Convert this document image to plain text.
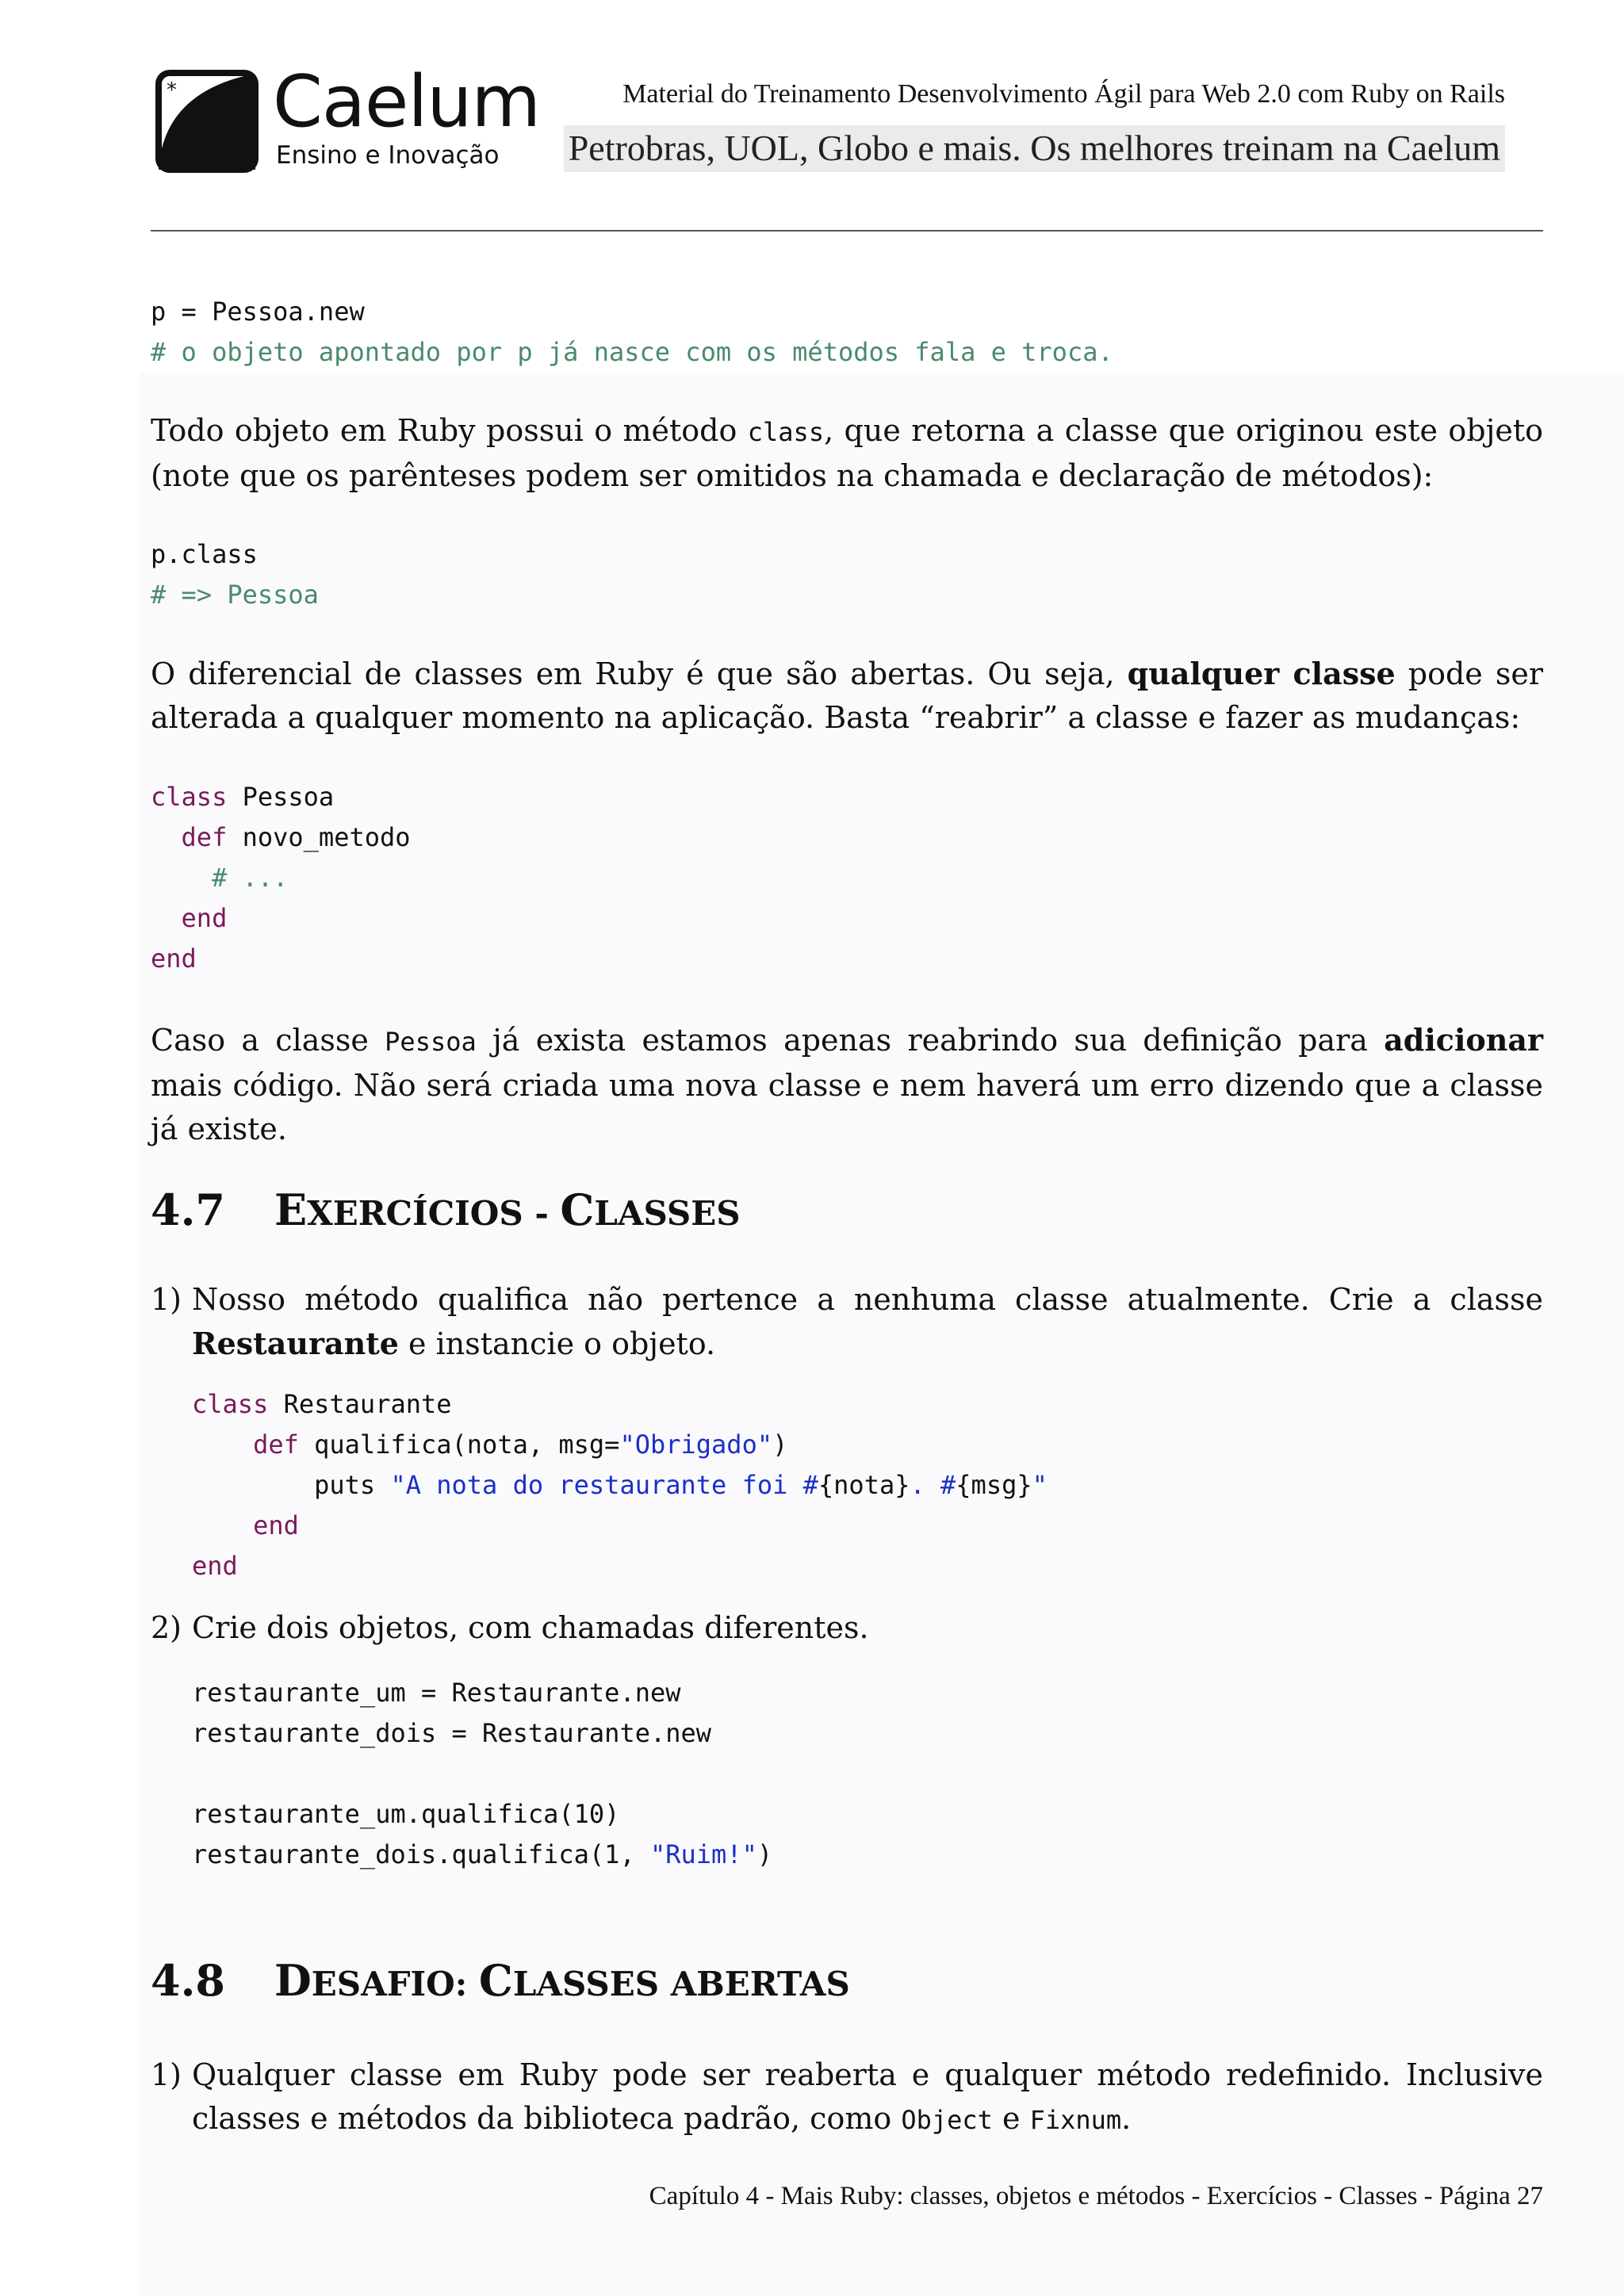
* Caelum
Ensino e Inovação
Material do Treinamento Desenvolvimento Ágil para Web 2.0 com Ruby on Rails
Petrobras, UOL, Globo e mais. Os melhores treinam na Caelum
p = Pessoa.new
# o objeto apontado por p já nasce com os métodos fala e troca.
Todo objeto em Ruby possui o método class, que retorna a classe que originou este objeto (note que os parênteses podem ser omitidos na chamada e declaração de métodos):
p.class
# => Pessoa
O diferencial de classes em Ruby é que são abertas. Ou seja, qualquer classe pode ser alterada a qualquer momento na aplicação. Basta “reabrir” a classe e fazer as mudanças:
class Pessoa
def novo_metodo
# ...
end
end
Caso a classe Pessoa já exista estamos apenas reabrindo sua definição para adicionar mais código. Não será criada uma nova classe e nem haverá um erro dizendo que a classe já existe.
4.7 EXERCÍCIOS - CLASSES
1) Nosso método qualifica não pertence a nenhuma classe atualmente. Crie a classe Restaurante e instancie o objeto.
class Restaurante
def qualifica(nota, msg="Obrigado")
puts "A nota do restaurante foi #{nota}. #{msg}"
end
end
2) Crie dois objetos, com chamadas diferentes.
restaurante_um = Restaurante.new
restaurante_dois = Restaurante.new

restaurante_um.qualifica(10)
restaurante_dois.qualifica(1, "Ruim!")
4.8 DESAFIO: CLASSES ABERTAS
1) Qualquer classe em Ruby pode ser reaberta e qualquer método redefinido. Inclusive classes e métodos da biblioteca padrão, como Object e Fixnum.
Capítulo 4 - Mais Ruby: classes, objetos e métodos - Exercícios - Classes - Página 27
